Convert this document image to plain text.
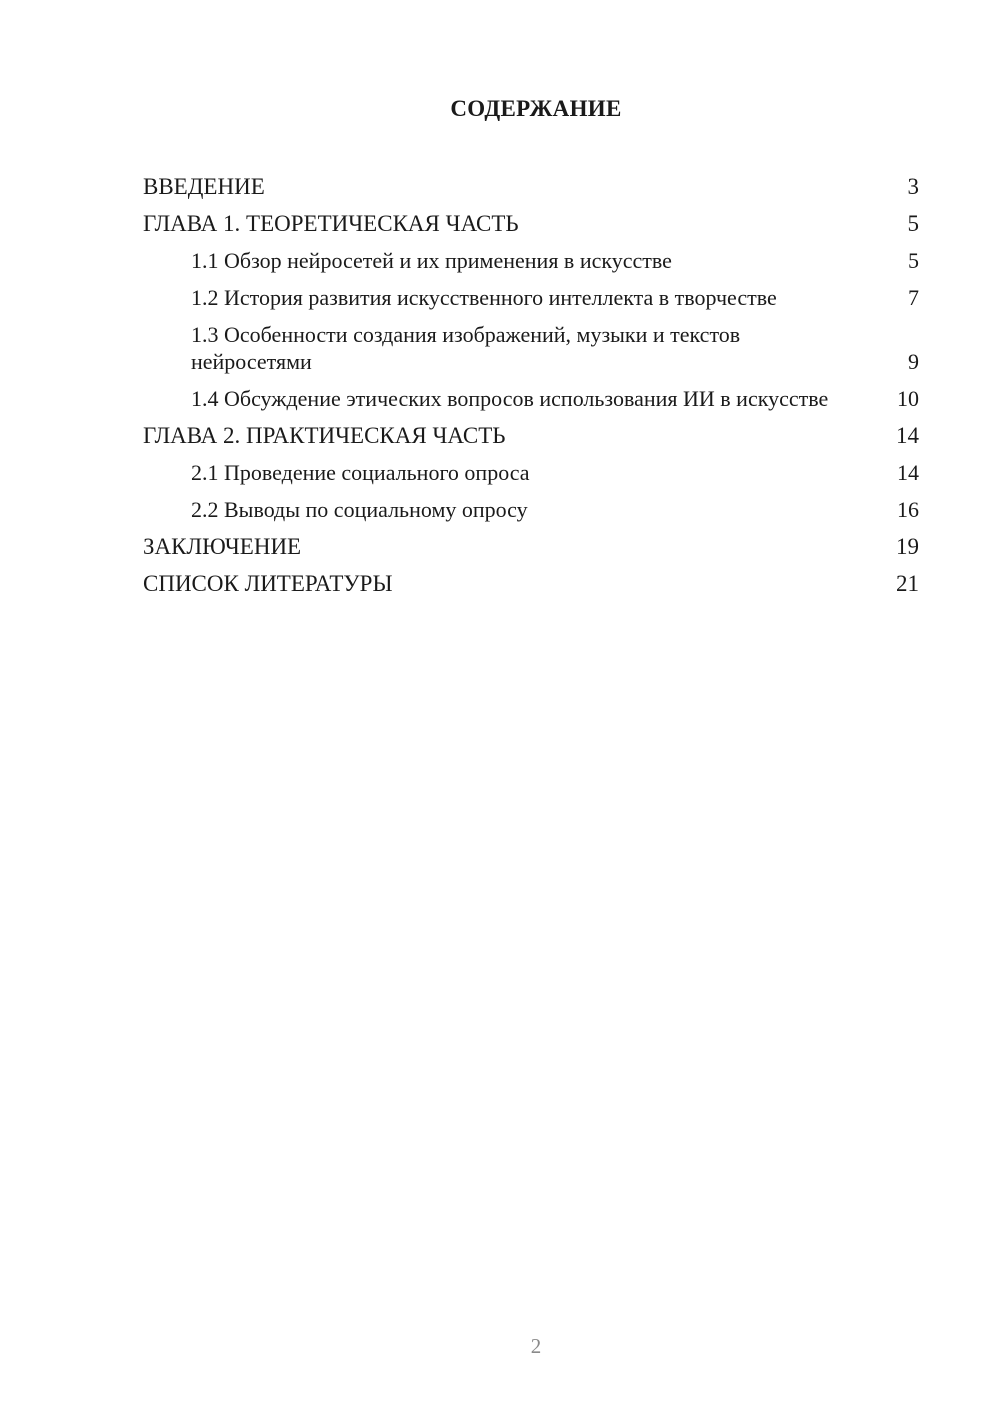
СОДЕРЖАНИЕ
ВВЕДЕНИЕ	3
ГЛАВА 1. ТЕОРЕТИЧЕСКАЯ ЧАСТЬ	5
1.1 Обзор нейросетей и их применения в искусстве	5
1.2 История развития искусственного интеллекта в творчестве	7
1.3 Особенности создания изображений, музыки и текстов нейросетями	9
1.4 Обсуждение этических вопросов использования ИИ в искусстве	10
ГЛАВА 2. ПРАКТИЧЕСКАЯ ЧАСТЬ	14
2.1 Проведение социального опроса	14
2.2 Выводы по социальному опросу	16
ЗАКЛЮЧЕНИЕ	19
СПИСОК ЛИТЕРАТУРЫ	21
2
